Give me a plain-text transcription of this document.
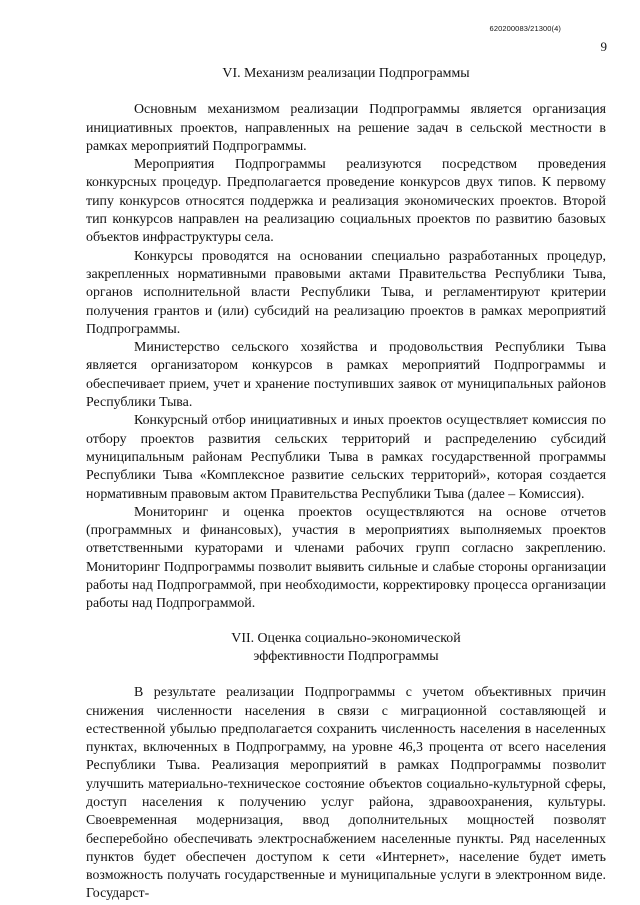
620200083/21300(4)
9
VI. Механизм реализации Подпрограммы

Основным механизмом реализации Подпрограммы является организация инициативных проектов, направленных на решение задач в сельской местности в рамках мероприятий Подпрограммы.

Мероприятия Подпрограммы реализуются посредством проведения конкурсных процедур. Предполагается проведение конкурсов двух типов. К первому типу конкурсов относятся поддержка и реализация экономических проектов. Второй тип конкурсов направлен на реализацию социальных проектов по развитию базовых объектов инфраструктуры села.

Конкурсы проводятся на основании специально разработанных процедур, закрепленных нормативными правовыми актами Правительства Республики Тыва, органов исполнительной власти Республики Тыва, и регламентируют критерии получения грантов и (или) субсидий на реализацию проектов в рамках мероприятий Подпрограммы.

Министерство сельского хозяйства и продовольствия Республики Тыва является организатором конкурсов в рамках мероприятий Подпрограммы и обеспечивает прием, учет и хранение поступивших заявок от муниципальных районов Республики Тыва.

Конкурсный отбор инициативных и иных проектов осуществляет комиссия по отбору проектов развития сельских территорий и распределению субсидий муниципальным районам Республики Тыва в рамках государственной программы Республики Тыва «Комплексное развитие сельских территорий», которая создается нормативным правовым актом Правительства Республики Тыва (далее – Комиссия).

Мониторинг и оценка проектов осуществляются на основе отчетов (программных и финансовых), участия в мероприятиях выполняемых проектов ответственными кураторами и членами рабочих групп согласно закреплению. Мониторинг Подпрограммы позволит выявить сильные и слабые стороны организации работы над Подпрограммой, при необходимости, корректировку процесса организации работы над Подпрограммой.

VII. Оценка социально-экономической
эффективности Подпрограммы

В результате реализации Подпрограммы с учетом объективных причин снижения численности населения в связи с миграционной составляющей и естественной убылью предполагается сохранить численность населения в населенных пунктах, включенных в Подпрограмму, на уровне 46,3 процента от всего населения Республики Тыва. Реализация мероприятий в рамках Подпрограммы позволит улучшить материально-техническое состояние объектов социально-культурной сферы, доступ населения к получению услуг района, здравоохранения, культуры. Своевременная модернизация, ввод дополнительных мощностей позволят бесперебойно обеспечивать электроснабжением населенные пункты. Ряд населенных пунктов будет обеспечен доступом к сети «Интернет», население будет иметь возможность получать государственные и муниципальные услуги в электронном виде. Государст-
